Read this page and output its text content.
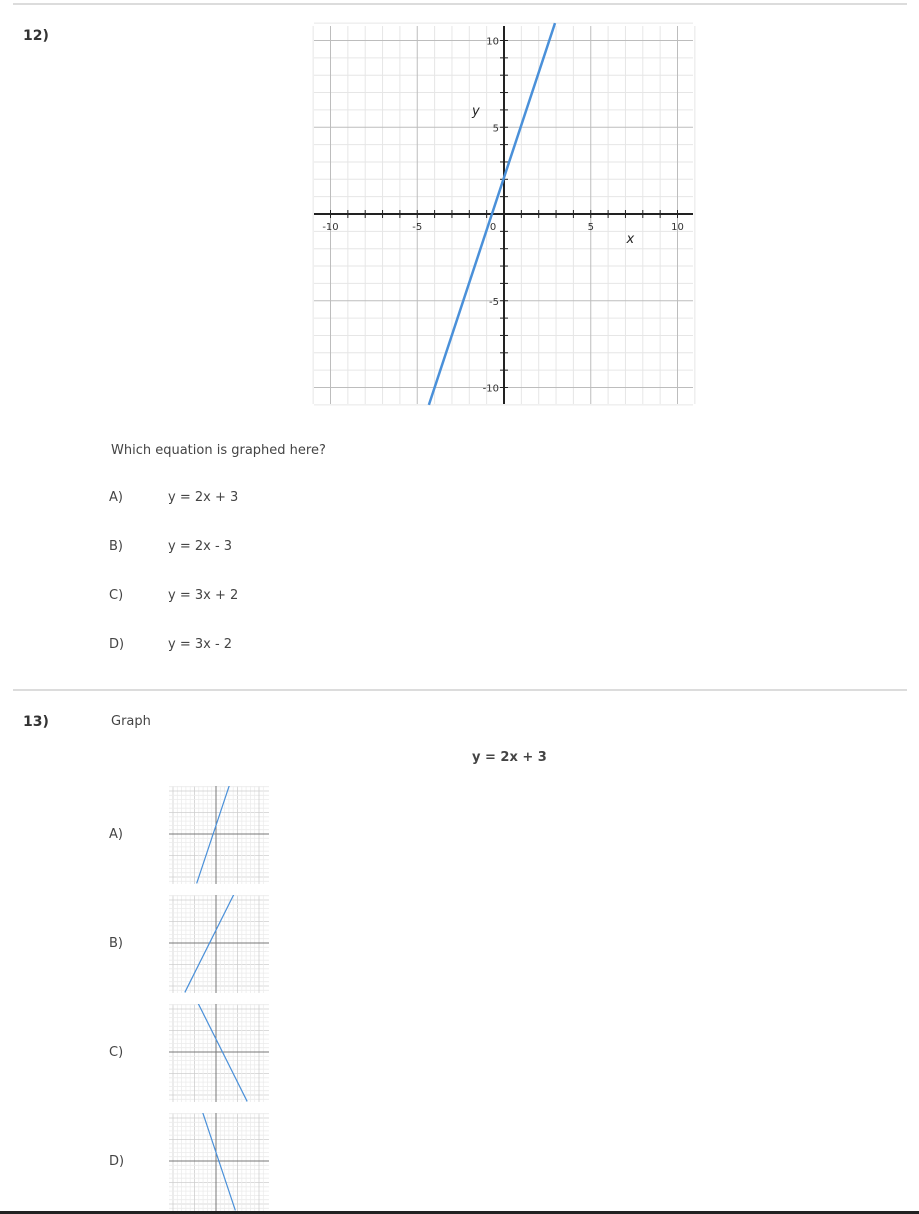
12)
-10	-5	0	5	10
10
5
-5
-10
x
y
Which equation is graphed here?
A)	y = 2x + 3
B)	y = 2x - 3
C)	y = 3x + 2
D)	y = 3x - 2
13)	Graph
y = 2x + 3
A)
B)
C)
D)
